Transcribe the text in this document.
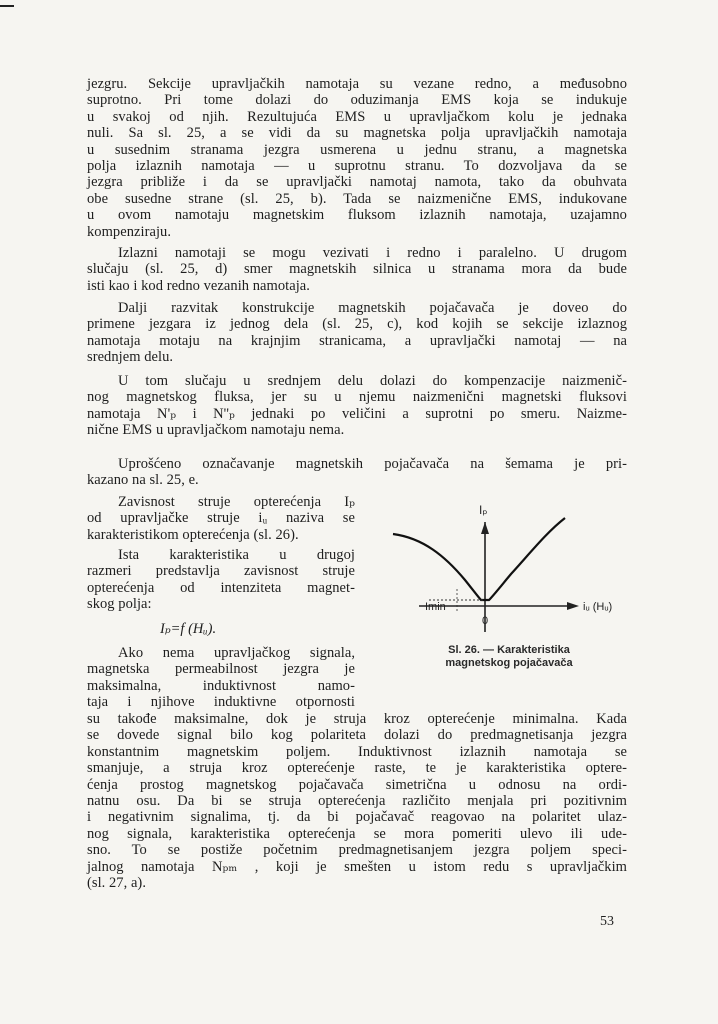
jezgru. Sekcije upravljačkih namotaja su vezane redno, a međusobno
suprotno. Pri tome dolazi do oduzimanja EMS koja se indukuje
u svakoj od njih. Rezultujuća EMS u upravljačkom kolu je jednaka
nuli. Sa sl. 25, a se vidi da su magnetska polja upravljačkih namotaja
u susednim stranama jezgra usmerena u jednu stranu, a magnetska
polja izlaznih namotaja — u suprotnu stranu. To dozvoljava da se
jezgra približe i da se upravljački namotaj namota, tako da obuhvata
obe susedne strane (sl. 25, b). Tada se naizmenične EMS, indukovane
u ovom namotaju magnetskim fluksom izlaznih namotaja, uzajamno
kompenziraju.
Izlazni namotaji se mogu vezivati i redno i paralelno. U drugom
slučaju (sl. 25, d) smer magnetskih silnica u stranama mora da bude
isti kao i kod redno vezanih namotaja.
Dalji razvitak konstrukcije magnetskih pojačavača je doveo do
primene jezgara iz jednog dela (sl. 25, c), kod kojih se sekcije izlaznog
namotaja motaju na krajnjim stranicama, a upravljački namotaj — na
srednjem delu.
U tom slučaju u srednjem delu dolazi do kompenzacije naizmenič-
nog magnetskog fluksa, jer su u njemu naizmenični magnetski fluksovi
namotaja N'ₚ i N''ₚ jednaki po veličini a suprotni po smeru. Naizme-
nične EMS u upravljačkom namotaju nema.
Uprošćeno označavanje magnetskih pojačavača na šemama je pri-
kazano na sl. 25, e.
Zavisnost struje opterećenja Iₚ
od upravljačke struje iᵤ naziva se
karakteristikom opterećenja (sl. 26).
Ista karakteristika u drugoj
razmeri predstavlja zavisnost struje
opterećenja od intenziteta magnet-
skog polja:
Iₚ=f (Hᵤ).
Ako nema upravljačkog signala,
magnetska permeabilnost jezgra je
maksimalna, induktivnost namo-
taja i njihove induktivne otpornosti
su takođe maksimalne, dok je struja kroz opterećenje minimalna. Kada
se dovede signal bilo kog polariteta dolazi do predmagnetisanja jezgra
konstantnim magnetskim poljem. Induktivnost izlaznih namotaja se
smanjuje, a struja kroz opterećenje raste, te je karakteristika optere-
ćenja prostog magnetskog pojačavača simetrična u odnosu na ordi-
natnu osu. Da bi se struja opterećenja različito menjala pri pozitivnim
i negativnim signalima, tj. da bi pojačavač reagovao na polaritet ulaz-
nog signala, karakteristika opterećenja se mora pomeriti ulevo ili ude-
sno. To se postiže početnim predmagnetisanjem jezgra poljem speci-
jalnog namotaja Nₚₘ , koji je smešten u istom redu s upravljačkim
(sl. 27, a).
Iₚ
Imin
0
iᵤ (Hᵤ)
Sl. 26. — Karakteristika
magnetskog pojačavača
53
